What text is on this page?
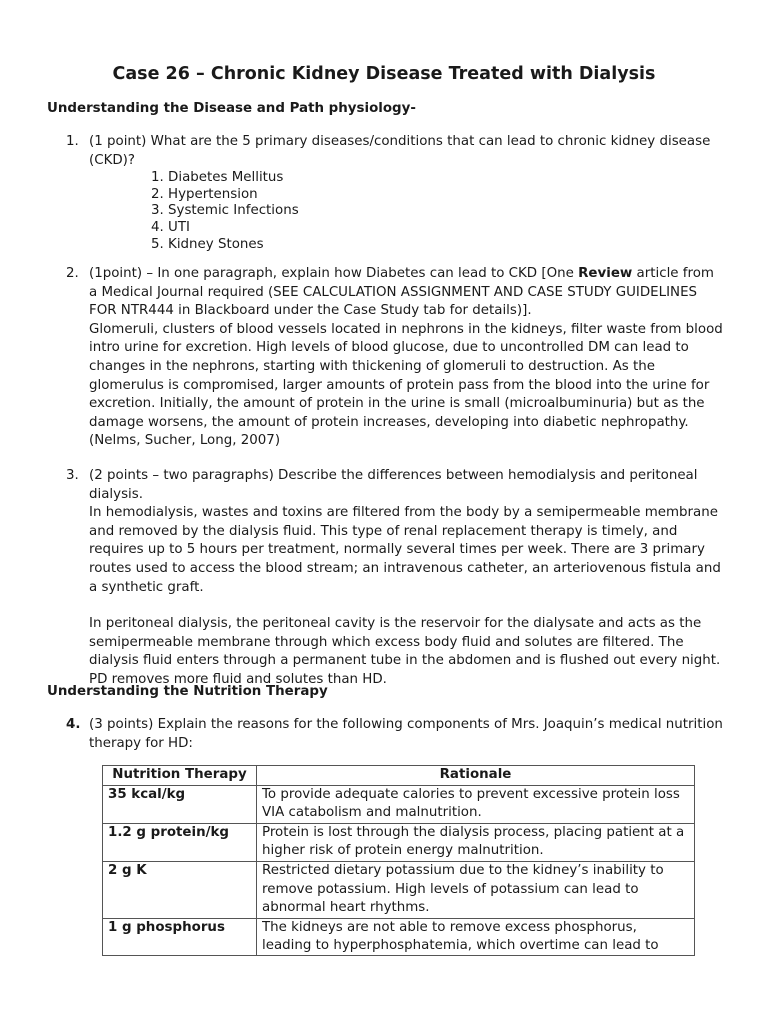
Case 26 – Chronic Kidney Disease Treated with Dialysis
Understanding the Disease and Path physiology-
1. (1 point) What are the 5 primary diseases/conditions that can lead to chronic kidney disease (CKD)?

1. Diabetes Mellitus
2. Hypertension
3. Systemic Infections
4. UTI
5. Kidney Stones
2. (1point) – In one paragraph, explain how Diabetes can lead to CKD [One Review article from a Medical Journal required (SEE CALCULATION ASSIGNMENT AND CASE STUDY GUIDELINES FOR NTR444 in Blackboard under the Case Study tab for details)].

Glomeruli, clusters of blood vessels located in nephrons in the kidneys, filter waste from blood intro urine for excretion. High levels of blood glucose, due to uncontrolled DM can lead to changes in the nephrons, starting with thickening of glomeruli to destruction. As the glomerulus is compromised, larger amounts of protein pass from the blood into the urine for excretion. Initially, the amount of protein in the urine is small (microalbuminuria) but as the damage worsens, the amount of protein increases, developing into diabetic nephropathy. (Nelms, Sucher, Long, 2007)

3. (2 points – two paragraphs) Describe the differences between hemodialysis and peritoneal dialysis.

In hemodialysis, wastes and toxins are filtered from the body by a semipermeable membrane and removed by the dialysis fluid. This type of renal replacement therapy is timely, and requires up to 5 hours per treatment, normally several times per week. There are 3 primary routes used to access the blood stream; an intravenous catheter, an arteriovenous fistula and a synthetic graft.

In peritoneal dialysis, the peritoneal cavity is the reservoir for the dialysate and acts as the semipermeable membrane through which excess body fluid and solutes are filtered. The dialysis fluid enters through a permanent tube in the abdomen and is flushed out every night. PD removes more fluid and solutes than HD.

Understanding the Nutrition Therapy
4. (3 points) Explain the reasons for the following components of Mrs. Joaquin’s medical nutrition therapy for HD:

Nutrition Therapy	Rationale
35 kcal/kg	To provide adequate calories to prevent excessive protein loss VIA catabolism and malnutrition.
1.2 g protein/kg	Protein is lost through the dialysis process, placing patient at a higher risk of protein energy malnutrition.
2 g K	Restricted dietary potassium due to the kidney’s inability to remove potassium. High levels of potassium can lead to abnormal heart rhythms.
1 g phosphorus	The kidneys are not able to remove excess phosphorus, leading to hyperphosphatemia, which overtime can lead to
